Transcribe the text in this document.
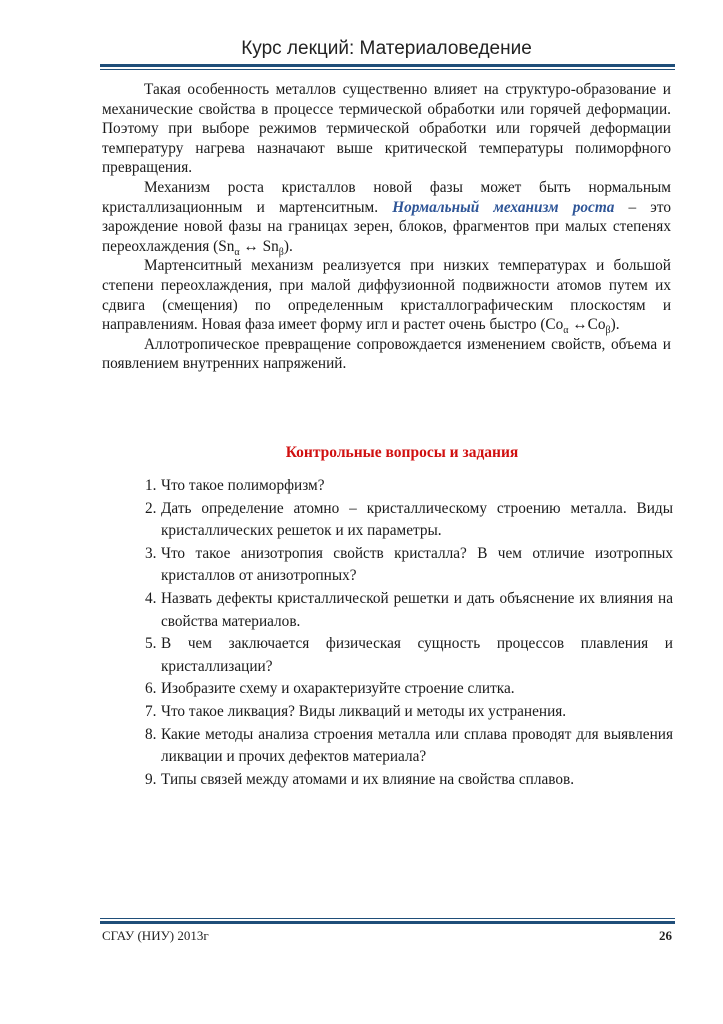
Курс лекций: Материаловедение

Такая особенность металлов существенно влияет на структуро-образование и механические свойства в процессе термической обработки или горячей деформации. Поэтому при выборе режимов термической обработки или горячей деформации температуру нагрева назначают выше критической температуры полиморфного превращения.

Механизм роста кристаллов новой фазы может быть нормальным кристаллизационным и мартенситным. Нормальный механизм роста – это зарождение новой фазы на границах зерен, блоков, фрагментов при малых степенях переохлаждения ($Sn_\alpha$ ↔ $Sn_\beta$).

Мартенситный механизм реализуется при низких температурах и большой степени переохлаждения, при малой диффузионной подвижности атомов путем их сдвига (смещения) по определенным кристаллографическим плоскостям и направлениям. Новая фаза имеет форму игл и растет очень быстро ($Co_\alpha$ $\leftrightarrow Co_\beta$).

Аллотропическое превращение сопровождается изменением свойств, объема и появлением внутренних напряжений.

Контрольные вопросы и задания
1. Что такое полиморфизм?
2. Дать определение атомно – кристаллическому строению металла. Виды кристаллических решеток и их параметры.
3. Что такое анизотропия свойств кристалла? В чем отличие изотропных кристаллов от анизотропных?
4. Назвать дефекты кристаллической решетки и дать объяснение их влияния на свойства материалов.
5. В чем заключается физическая сущность процессов плавления и кристаллизации?
6. Изобразите схему и охарактеризуйте строение слитка.
7. Что такое ликвация? Виды ликваций и методы их устранения.
8. Какие методы анализа строения металла или сплава проводят для выявления ликвации и прочих дефектов материала?
9. Типы связей между атомами и их влияние на свойства сплавов.
СГАУ (НИУ) 2013г	26
